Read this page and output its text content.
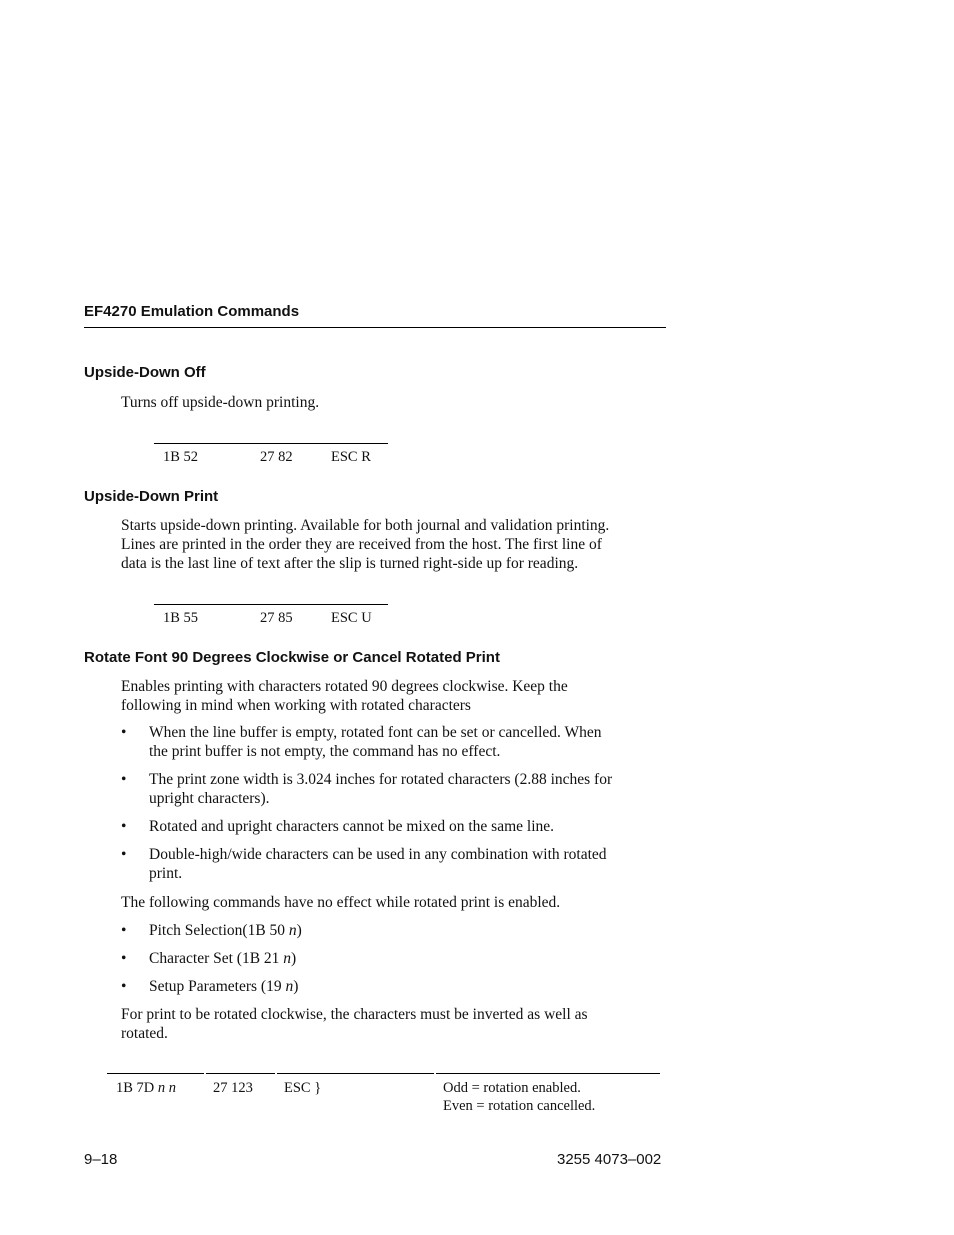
EF4270 Emulation Commands
Upside-Down Off
Turns off upside-down printing.
1B 52	27 82	ESC R
Upside-Down Print
Starts upside-down printing. Available for both journal and validation printing.
Lines are printed in the order they are received from the host. The first line of
data is the last line of text after the slip is turned right-side up for reading.
1B 55	27 85	ESC U
Rotate Font 90 Degrees Clockwise or Cancel Rotated Print
Enables printing with characters rotated 90 degrees clockwise. Keep the
following in mind when working with rotated characters
• When the line buffer is empty, rotated font can be set or cancelled. When
the print buffer is not empty, the command has no effect.
• The print zone width is 3.024 inches for rotated characters (2.88 inches for
upright characters).
• Rotated and upright characters cannot be mixed on the same line.
• Double-high/wide characters can be used in any combination with rotated
print.
The following commands have no effect while rotated print is enabled.
• Pitch Selection(1B 50 n)
• Character Set (1B 21 n)
• Setup Parameters (19 n)
For print to be rotated clockwise, the characters must be inverted as well as
rotated.
1B 7D n n	27 123 ESC }	Odd = rotation enabled.
Even = rotation cancelled.
9–18	3255 4073–002
